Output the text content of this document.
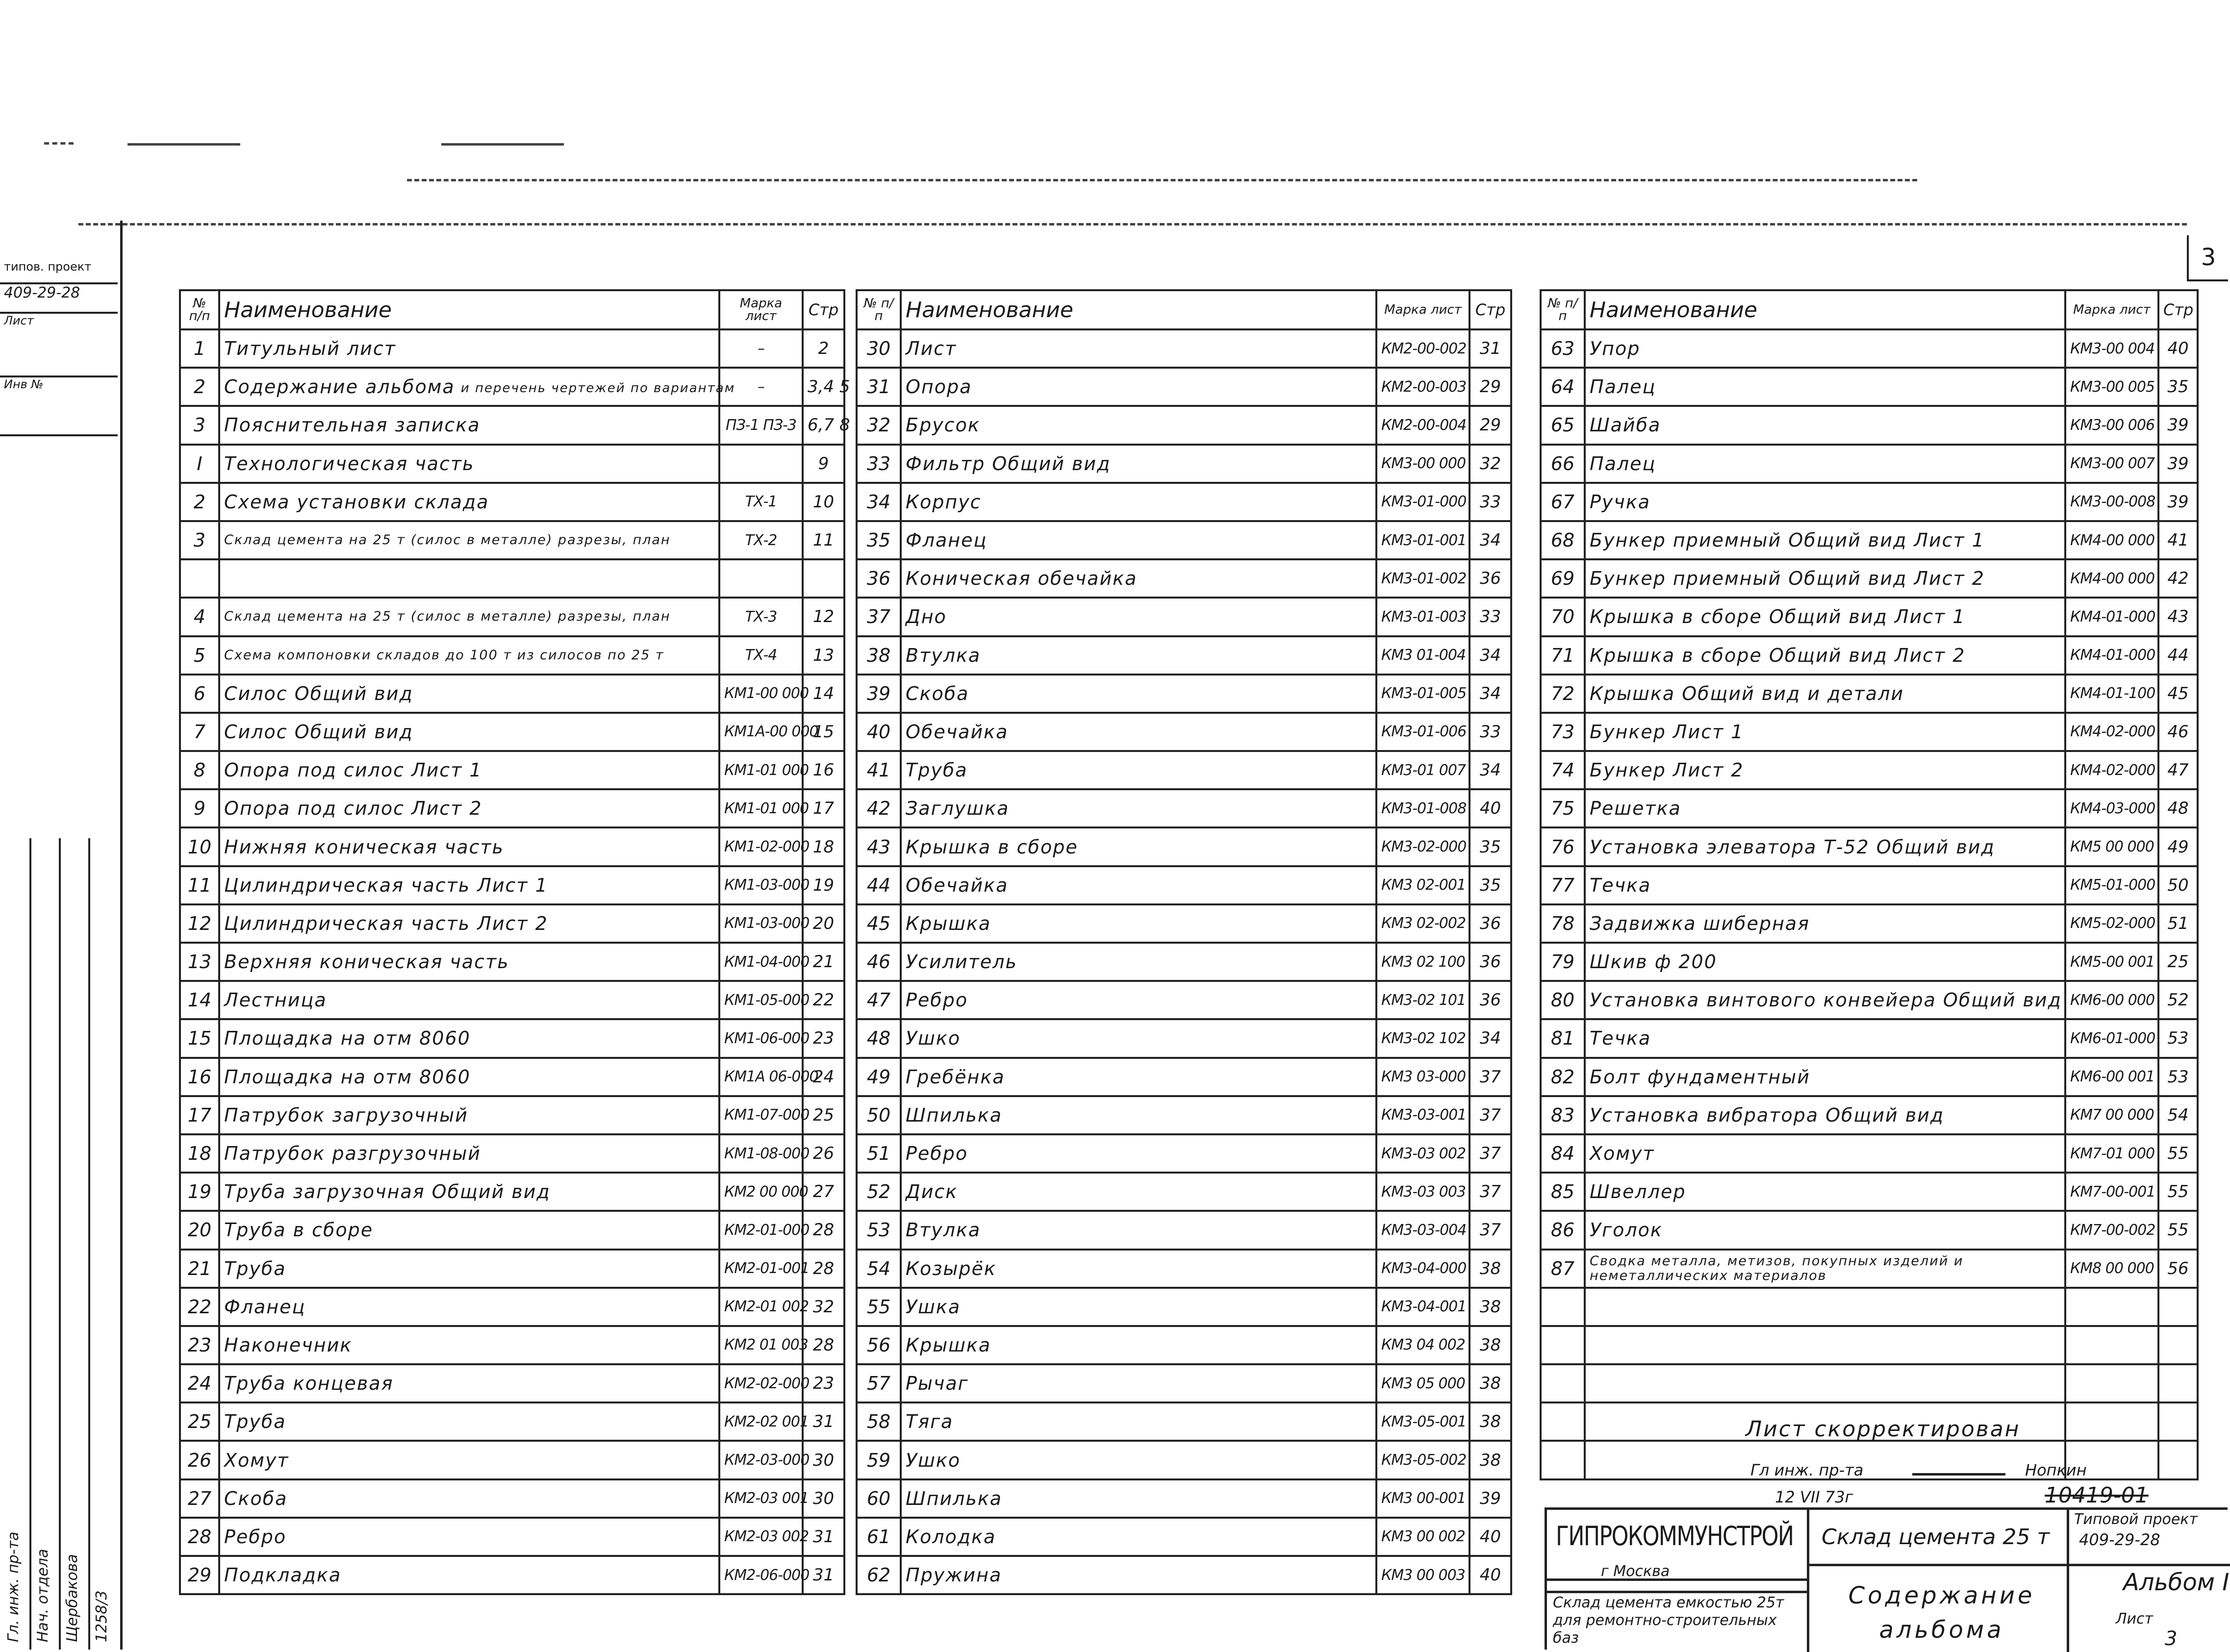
3
типов. проект
409-29-28
Лист
Инв №
Гл. инж. пр-та Нач. отдела Щербакова 1258/3
№ п/п	Наименование	Марка лист	Стр
1	Титульный лист	–	2
2	Содержание альбома и перечень чертежей по вариантам	–	3,4 5
3	Пояснительная записка	ПЗ-1 ПЗ-3	6,7 8
I	Технологическая часть		9
2	Схема установки склада	ТХ-1	10
3	Склад цемента на 25 т (силос в металле) разрезы, план	ТХ-2	11

4	Склад цемента на 25 т (силос в металле) разрезы, план	ТХ-3	12
5	Схема компоновки складов до 100 т из силосов по 25 т	ТХ-4	13
6	Силос Общий вид	КМ1-00 000	14
7	Силос Общий вид	КМ1А-00 000	15
8	Опора под силос Лист 1	КМ1-01 000	16
9	Опора под силос Лист 2	КМ1-01 000	17
10	Нижняя коническая часть	КМ1-02-000	18
11	Цилиндрическая часть Лист 1	КМ1-03-000	19
12	Цилиндрическая часть Лист 2	КМ1-03-000	20
13	Верхняя коническая часть	КМ1-04-000	21
14	Лестница	КМ1-05-000	22
15	Площадка на отм 8060	КМ1-06-000	23
16	Площадка на отм 8060	КМ1А 06-000	24
17	Патрубок загрузочный	КМ1-07-000	25
18	Патрубок разгрузочный	КМ1-08-000	26
19	Труба загрузочная Общий вид	КМ2 00 000	27
20	Труба в сборе	КМ2-01-000	28
21	Труба	КМ2-01-001	28
22	Фланец	КМ2-01 002	32
23	Наконечник	КМ2 01 003	28
24	Труба концевая	КМ2-02-000	23
25	Труба	КМ2-02 001	31
26	Хомут	КМ2-03-000	30
27	Скоба	КМ2-03 001	30
28	Ребро	КМ2-03 002	31
29	Подкладка	КМ2-06-000	31
№ п/п	Наименование	Марка лист	Стр
30	Лист	КМ2-00-002	31
31	Опора	КМ2-00-003	29
32	Брусок	КМ2-00-004	29
33	Фильтр Общий вид	КМ3-00 000	32
34	Корпус	КМ3-01-000	33
35	Фланец	КМ3-01-001	34
36	Коническая обечайка	КМ3-01-002	36
37	Дно	КМ3-01-003	33
38	Втулка	КМ3 01-004	34
39	Скоба	КМ3-01-005	34
40	Обечайка	КМ3-01-006	33
41	Труба	КМ3-01 007	34
42	Заглушка	КМ3-01-008	40
43	Крышка в сборе	КМ3-02-000	35
44	Обечайка	КМ3 02-001	35
45	Крышка	КМ3 02-002	36
46	Усилитель	КМ3 02 100	36
47	Ребро	КМ3-02 101	36
48	Ушко	КМ3-02 102	34
49	Гребёнка	КМ3 03-000	37
50	Шпилька	КМ3-03-001	37
51	Ребро	КМ3-03 002	37
52	Диск	КМ3-03 003	37
53	Втулка	КМ3-03-004	37
54	Козырёк	КМ3-04-000	38
55	Ушка	КМ3-04-001	38
56	Крышка	КМ3 04 002	38
57	Рычаг	КМ3 05 000	38
58	Тяга	КМ3-05-001	38
59	Ушко	КМ3-05-002	38
60	Шпилька	КМ3 00-001	39
61	Колодка	КМ3 00 002	40
62	Пружина	КМ3 00 003	40
№ п/п	Наименование	Марка лист	Стр
63	Упор	КМ3-00 004	40
64	Палец	КМ3-00 005	35
65	Шайба	КМ3-00 006	39
66	Палец	КМ3-00 007	39
67	Ручка	КМ3-00-008	39
68	Бункер приемный Общий вид Лист 1	КМ4-00 000	41
69	Бункер приемный Общий вид Лист 2	КМ4-00 000	42
70	Крышка в сборе Общий вид Лист 1	КМ4-01-000	43
71	Крышка в сборе Общий вид Лист 2	КМ4-01-000	44
72	Крышка Общий вид и детали	КМ4-01-100	45
73	Бункер Лист 1	КМ4-02-000	46
74	Бункер Лист 2	КМ4-02-000	47
75	Решетка	КМ4-03-000	48
76	Установка элеватора Т-52 Общий вид	КМ5 00 000	49
77	Течка	КМ5-01-000	50
78	Задвижка шиберная	КМ5-02-000	51
79	Шкив ф 200	КМ5-00 001	25
80	Установка винтового конвейера Общий вид	КМ6-00 000	52
81	Течка	КМ6-01-000	53
82	Болт фундаментный	КМ6-00 001	53
83	Установка вибратора Общий вид	КМ7 00 000	54
84	Хомут	КМ7-01 000	55
85	Швеллер	КМ7-00-001	55
86	Уголок	КМ7-00-002	55
87	Сводка металла, метизов, покупных изделий и неметаллических материалов	КМ8 00 000	56

Лист скорректирован
Гл инж. пр-та	Нопкин
12 VII 73г	10419-01
ГИПРОКОММУНСТРОЙ
г Москва
Склад цемента емкостью 25т для ремонтно-строительных баз
Склад цемента 25 т
Содержание альбома
Типовой проект
409-29-28
Альбом I
Лист
3
